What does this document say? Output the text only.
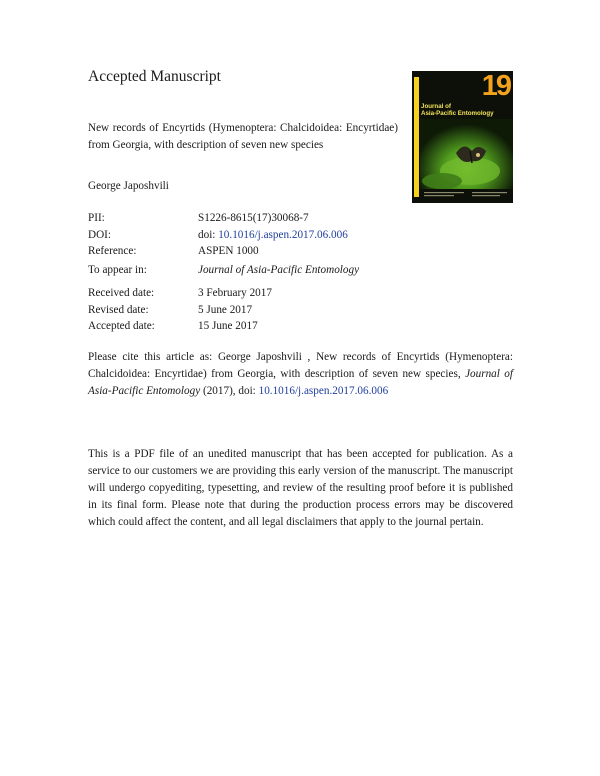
Accepted Manuscript
New records of Encyrtids (Hymenoptera: Chalcidoidea: Encyrtidae) from Georgia, with description of seven new species
George Japoshvili
PII:	S1226-8615(17)30068-7
DOI:	doi: 10.1016/j.aspen.2017.06.006
Reference:	ASPEN 1000
To appear in:	Journal of Asia-Pacific Entomology
Received date:	3 February 2017
Revised date:	5 June 2017
Accepted date:	15 June 2017
Please cite this article as: George Japoshvili , New records of Encyrtids (Hymenoptera: Chalcidoidea: Encyrtidae) from Georgia, with description of seven new species, Journal of Asia-Pacific Entomology (2017), doi: 10.1016/j.aspen.2017.06.006
This is a PDF file of an unedited manuscript that has been accepted for publication. As a service to our customers we are providing this early version of the manuscript. The manuscript will undergo copyediting, typesetting, and review of the resulting proof before it is published in its final form. Please note that during the production process errors may be discovered which could affect the content, and all legal disclaimers that apply to the journal pertain.
19
Journal of
Asia-Pacific Entomology
